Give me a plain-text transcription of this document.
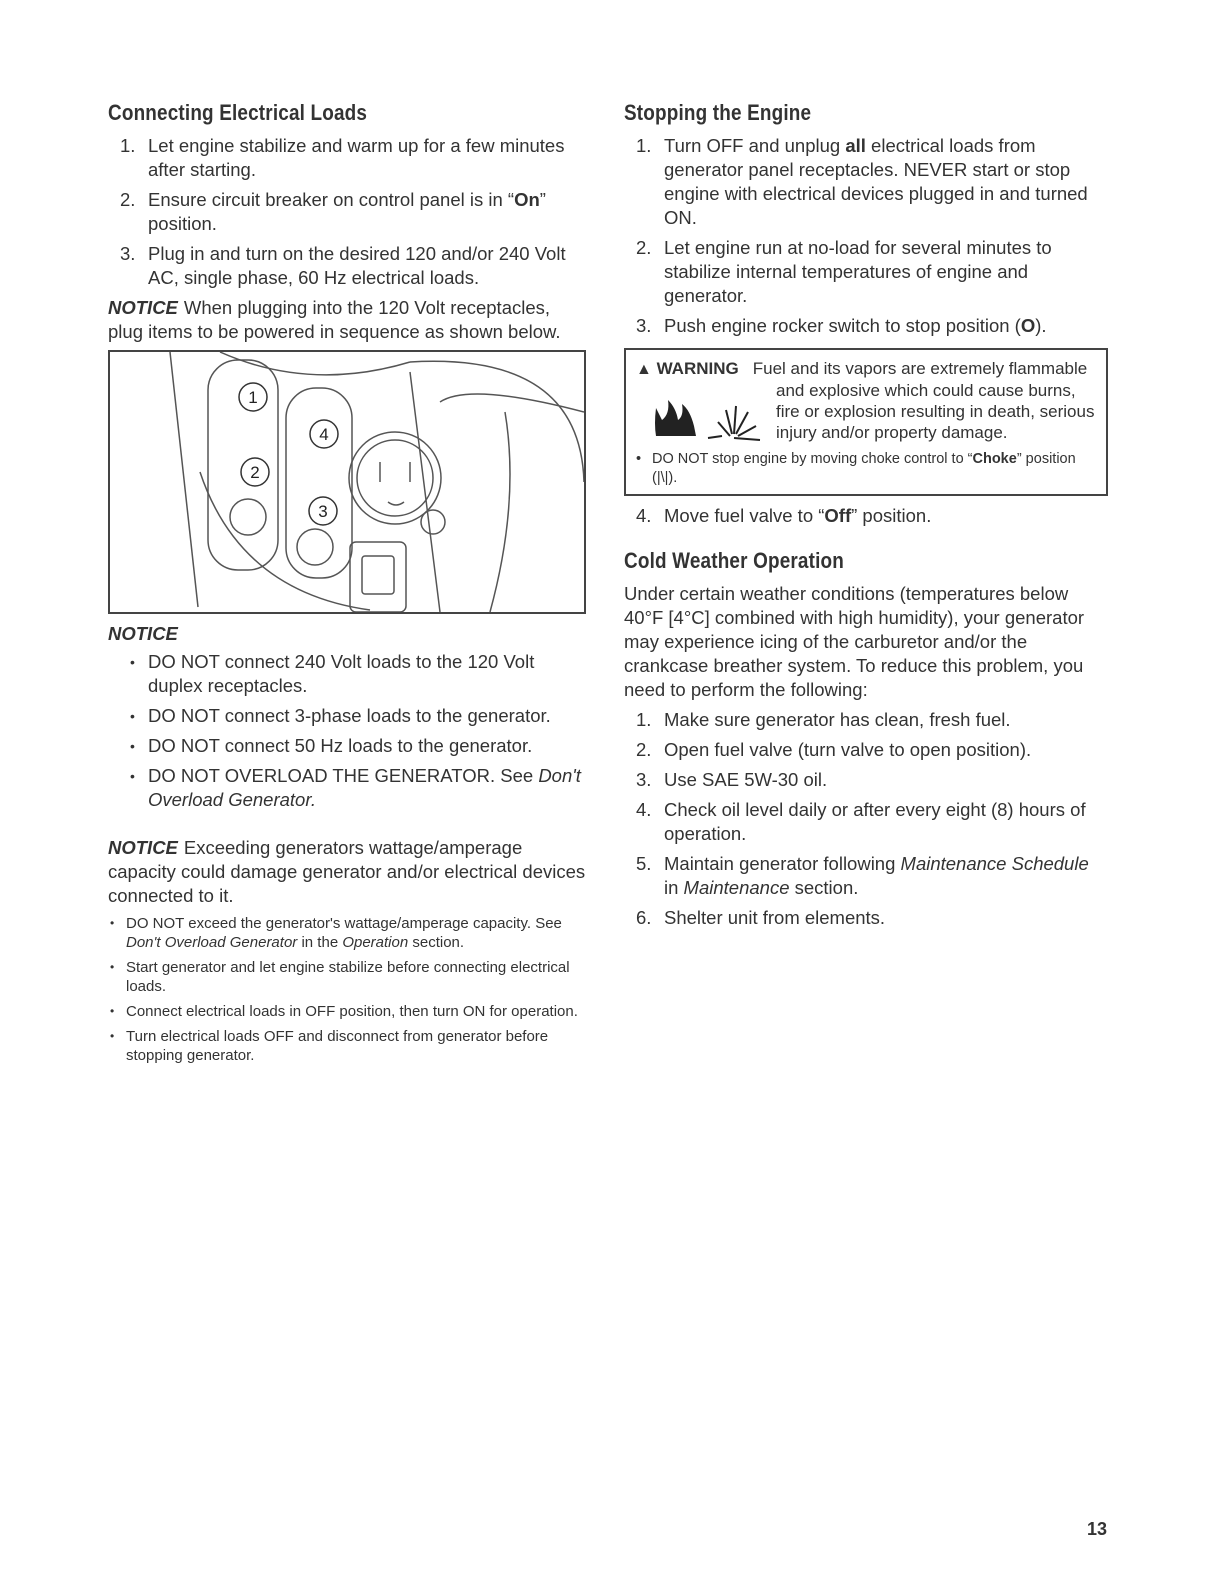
Connecting Electrical Loads
1. Let engine stabilize and warm up for a few minutes after starting.
2. Ensure circuit breaker on control panel is in “On” position.
3. Plug in and turn on the desired 120 and/or 240 Volt AC, single phase, 60 Hz electrical loads.
NOTICE When plugging into the 120 Volt receptacles, plug items to be powered in sequence as shown below.
1
2
3
4
NOTICE
• DO NOT connect 240 Volt loads to the 120 Volt duplex receptacles.
• DO NOT connect 3-phase loads to the generator.
• DO NOT connect 50 Hz loads to the generator.
• DO NOT OVERLOAD THE GENERATOR. See Don't Overload Generator.
NOTICE Exceeding generators wattage/amperage capacity could damage generator and/or electrical devices connected to it.
• DO NOT exceed the generator's wattage/amperage capacity. See Don't Overload Generator in the Operation section.
• Start generator and let engine stabilize before connecting electrical loads.
• Connect electrical loads in OFF position, then turn ON for operation.
• Turn electrical loads OFF and disconnect from generator before stopping generator.
Stopping the Engine
1. Turn OFF and unplug all electrical loads from generator panel receptacles. NEVER start or stop engine with electrical devices plugged in and turned ON.
2. Let engine run at no-load for several minutes to stabilize internal temperatures of engine and generator.
3. Push engine rocker switch to stop position (O).
▲ WARNING Fuel and its vapors are extremely flammable
and explosive which could cause burns, fire or explosion resulting in death, serious injury and/or property damage.
• DO NOT stop engine by moving choke control to “Choke” position (|\|).
4. Move fuel valve to “Off” position.
Cold Weather Operation
Under certain weather conditions (temperatures below 40°F [4°C] combined with high humidity), your generator may experience icing of the carburetor and/or the crankcase breather system. To reduce this problem, you need to perform the following:
1. Make sure generator has clean, fresh fuel.
2. Open fuel valve (turn valve to open position).
3. Use SAE 5W-30 oil.
4. Check oil level daily or after every eight (8) hours of operation.
5. Maintain generator following Maintenance Schedule in Maintenance section.
6. Shelter unit from elements.
13
